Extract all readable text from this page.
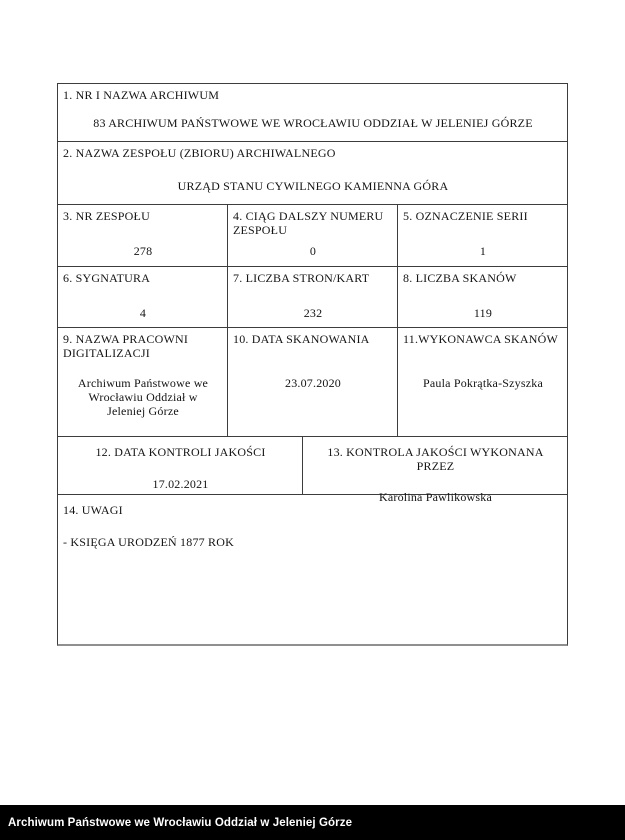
1. NR I NAZWA ARCHIWUM
83 ARCHIWUM PAŃSTWOWE WE WROCŁAWIU ODDZIAŁ W JELENIEJ GÓRZE
2. NAZWA ZESPOŁU (ZBIORU) ARCHIWALNEGO
URZĄD STANU CYWILNEGO KAMIENNA GÓRA
3. NR ZESPOŁU
278
4. CIĄG DALSZY NUMERU ZESPOŁU
0
5. OZNACZENIE SERII
1
6. SYGNATURA
4
7. LICZBA STRON/KART
232
8. LICZBA SKANÓW
119
9. NAZWA PRACOWNI DIGITALIZACJI
Archiwum Państwowe we Wrocławiu Oddział w Jeleniej Górze
10. DATA SKANOWANIA
23.07.2020
11.WYKONAWCA SKANÓW
Paula Pokrątka-Szyszka
12. DATA KONTROLI JAKOŚCI
17.02.2021
13. KONTROLA JAKOŚCI WYKONANA PRZEZ
Karolina Pawlikowska
14. UWAGI
- KSIĘGA URODZEŃ 1877 ROK
Archiwum Państwowe we Wrocławiu Oddział w Jeleniej Górze
